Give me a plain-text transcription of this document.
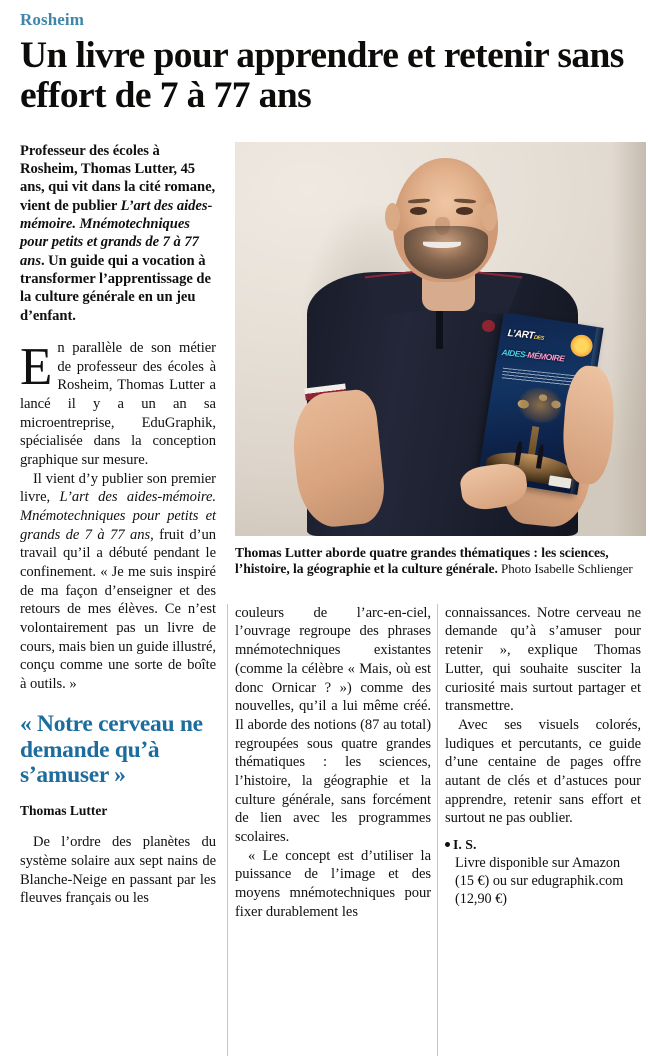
Rosheim
Un livre pour apprendre et retenir sans effort de 7 à 77 ans
Professeur des écoles à Rosheim, Thomas Lutter, 45 ans, qui vit dans la cité romane, vient de publier L’art des aides-mémoire. Mnémotechniques pour petits et grands de 7 à 77 ans. Un guide qui a vocation à transformer l’apprentissage de la culture générale en un jeu d’enfant.

En parallèle de son métier de professeur des écoles à Rosheim, Thomas Lutter a lancé il y a un an sa microentreprise, EduGraphik, spécialisée dans la conception graphique sur mesure.

Il vient d’y publier son premier livre, L’art des aides-mémoire. Mnémotechniques pour petits et grands de 7 à 77 ans, fruit d’un travail qu’il a débuté pendant le confinement. « Je me suis inspiré de ma façon d’enseigner et des retours de mes élèves. Ce n’est volontairement pas un livre de cours, mais bien un guide illustré, conçu comme une sorte de boîte à outils. »

« Notre cerveau ne demande qu’à s’amuser »
Thomas Lutter

De l’ordre des planètes du système solaire aux sept nains de Blanche-Neige en passant par les fleuves français ou les

L’ARTDES
AIDES-MÉMOIRE
Thomas Lutter aborde quatre grandes thématiques : les sciences, l’histoire, la géographie et la culture générale. Photo Isabelle Schlienger

couleurs de l’arc-en-ciel, l’ouvrage regroupe des phrases mnémotechniques existantes (comme la célèbre « Mais, où est donc Ornicar ? ») comme des nouvelles, qu’il a lui même créé. Il aborde des notions (87 au total) regroupées sous quatre grandes thématiques : les sciences, l’histoire, la géographie et la culture générale, sans forcément de lien avec les programmes scolaires.

« Le concept est d’utiliser la puissance de l’image et des moyens mnémotechniques pour fixer durablement les

connaissances. Notre cerveau ne demande qu’à s’amuser pour retenir », explique Thomas Lutter, qui souhaite susciter la curiosité mais surtout partager et transmettre.

Avec ses visuels colorés, ludiques et percutants, ce guide d’une centaine de pages offre autant de clés et d’astuces pour apprendre, retenir sans effort et surtout ne pas oublier.

I. S.
Livre disponible sur Amazon (15 €) ou sur edugraphik.com (12,90 €)
